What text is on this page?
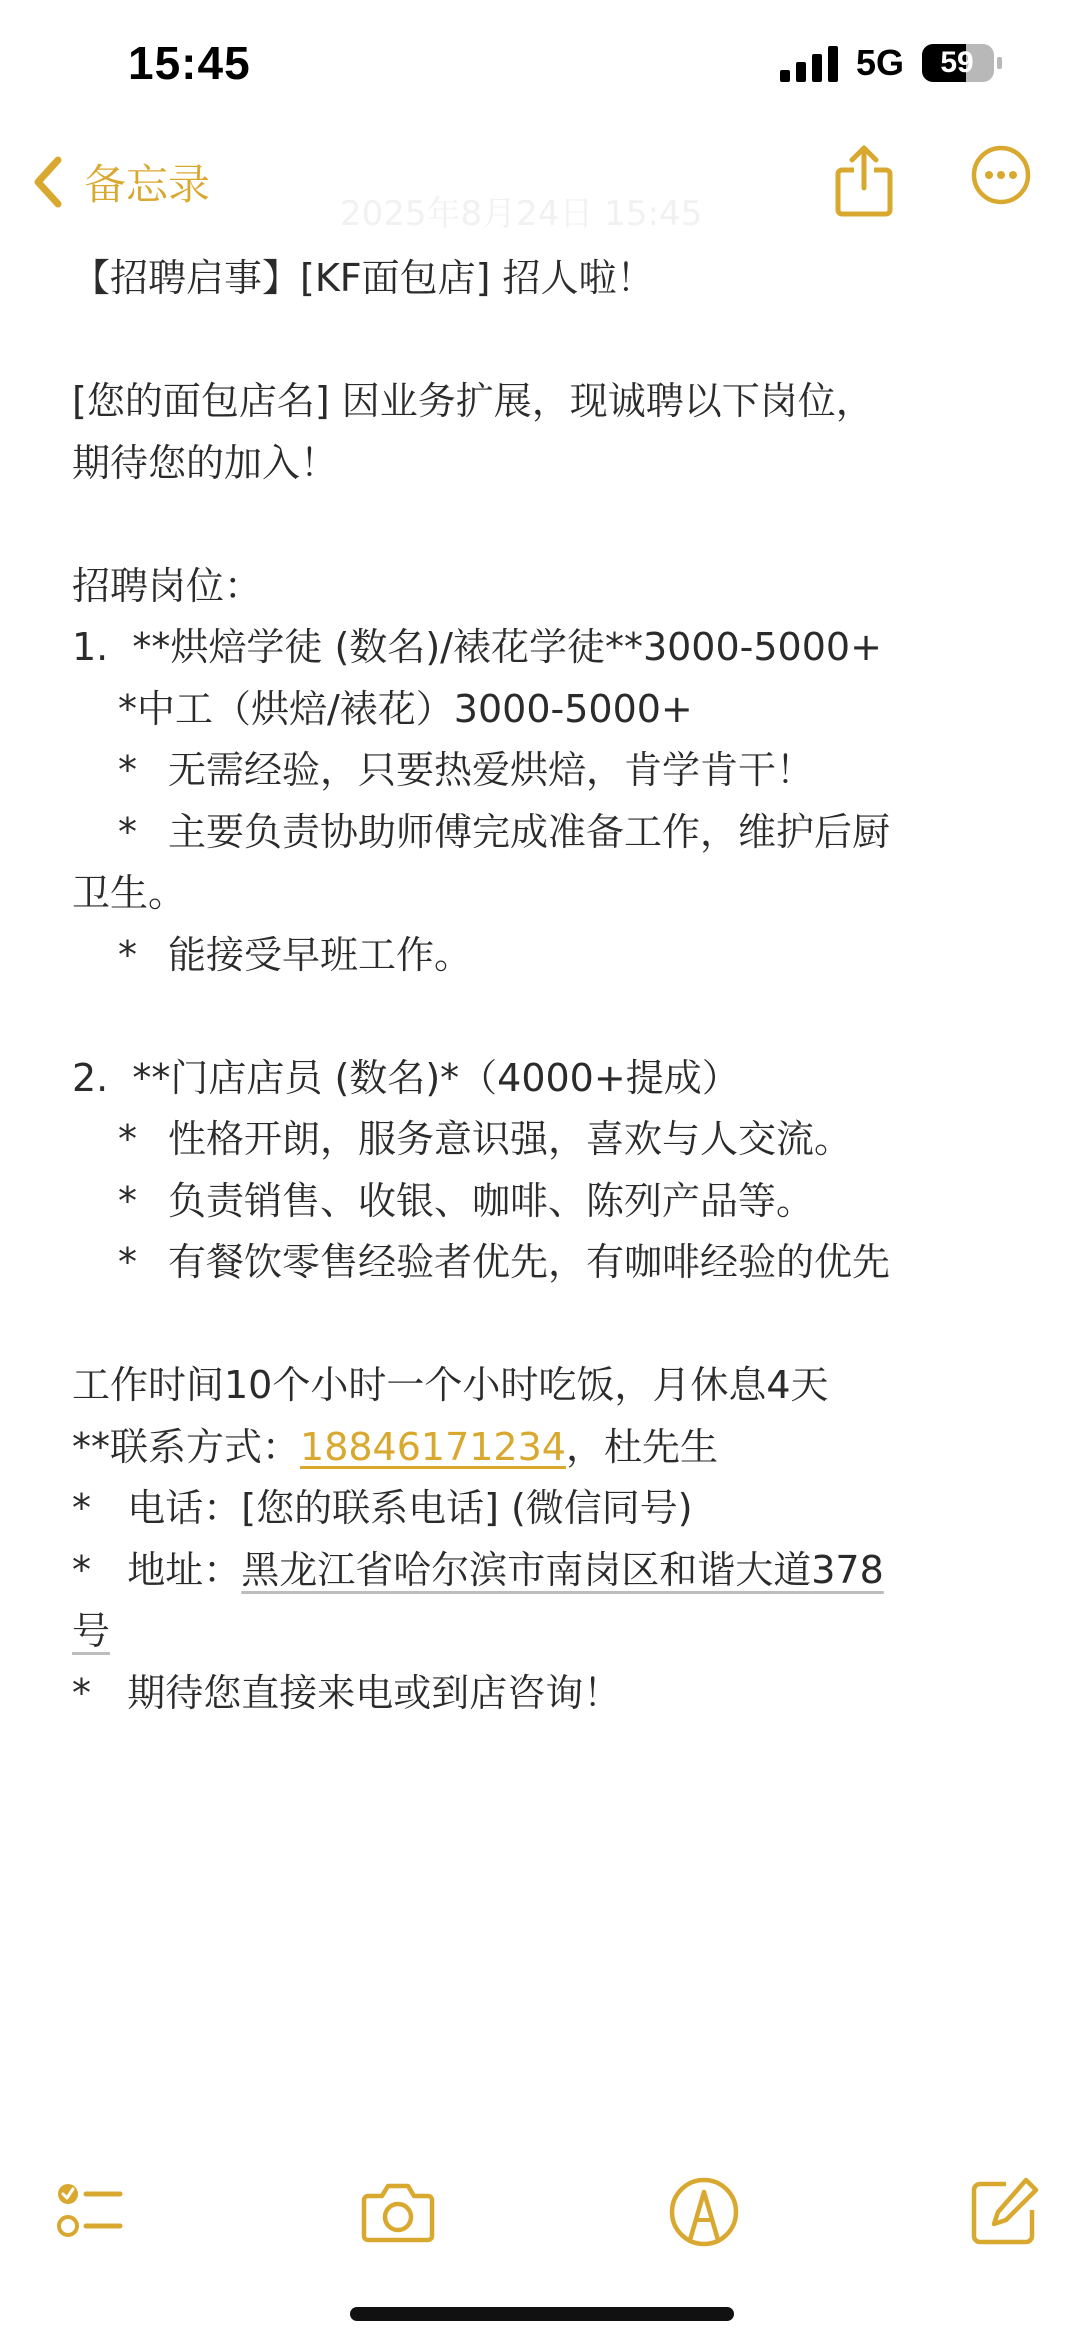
15:45	5G	59
2025年8月24日 15:45
备忘录
【招聘启事】[KF面包店] 招人啦！
[您的面包店名] 因业务扩展，现诚聘以下岗位，
期待您的加入！
招聘岗位：
1.  **烘焙学徒 (数名)/裱花学徒**3000-5000+
*中工（烘焙/裱花）3000-5000+
* 无需经验，只要热爱烘焙，肯学肯干！
* 主要负责协助师傅完成准备工作，维护后厨
卫生。
* 能接受早班工作。
2.  **门店店员 (数名)*（4000+提成）
* 性格开朗，服务意识强，喜欢与人交流。
* 负责销售、收银、咖啡、陈列产品等。
* 有餐饮零售经验者优先，有咖啡经验的优先
工作时间10个小时一个小时吃饭，月休息4天
**联系方式：18846171234，杜先生
*   电话：[您的联系电话] (微信同号)
*   地址：黑龙江省哈尔滨市南岗区和谐大道378
号
*   期待您直接来电或到店咨询！
